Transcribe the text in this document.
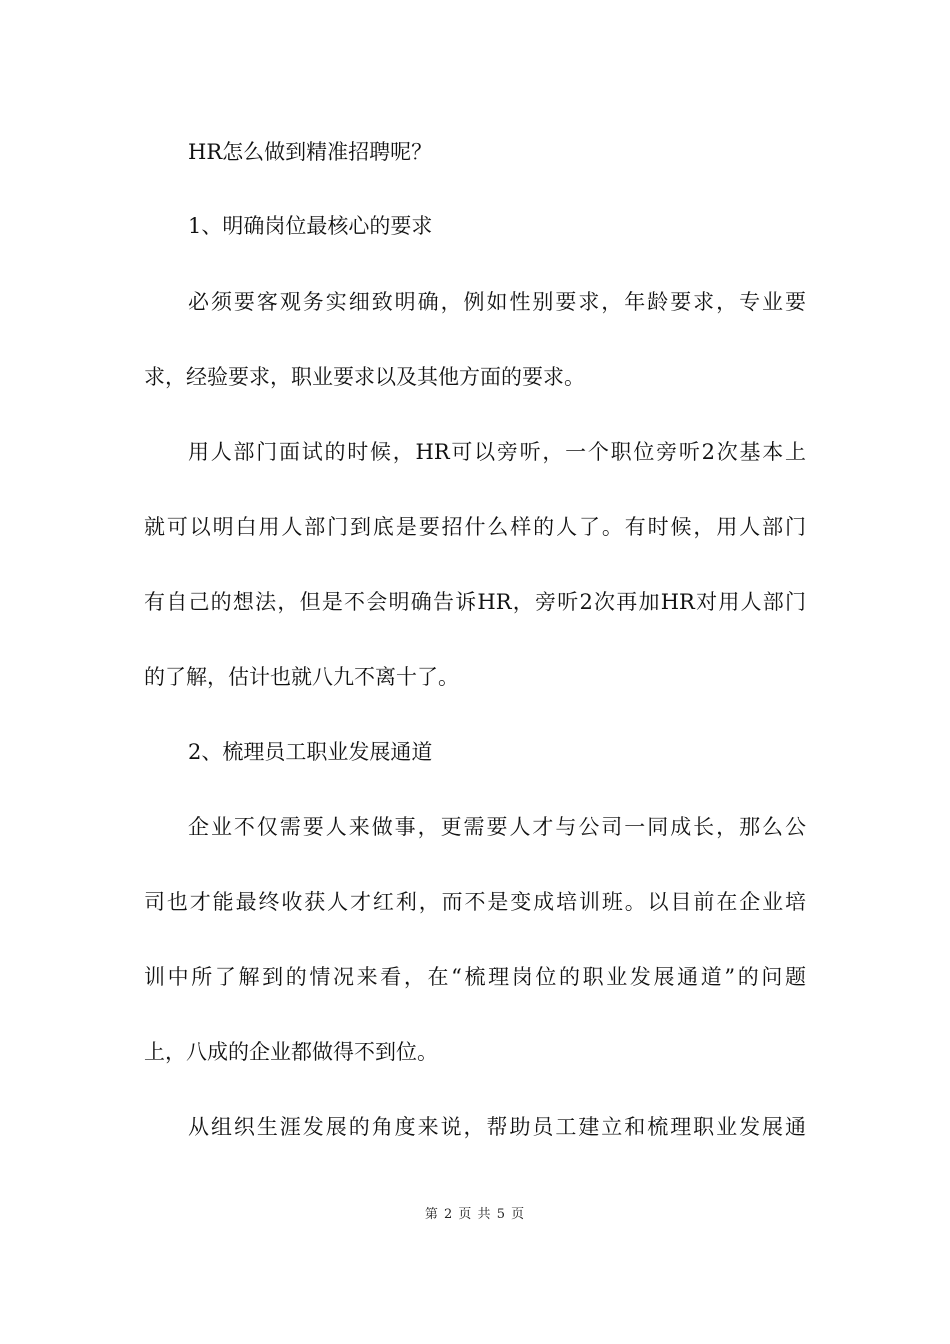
HR怎么做到精准招聘呢？

1、明确岗位最核心的要求

必须要客观务实细致明确，例如性别要求，年龄要求，专业要

求，经验要求，职业要求以及其他方面的要求。

用人部门面试的时候，HR可以旁听，一个职位旁听2次基本上

就可以明白用人部门到底是要招什么样的人了。有时候，用人部门

有自己的想法，但是不会明确告诉HR，旁听2次再加HR对用人部门

的了解，估计也就八九不离十了。

2、梳理员工职业发展通道

企业不仅需要人来做事，更需要人才与公司一同成长，那么公

司也才能最终收获人才红利，而不是变成培训班。以目前在企业培

训中所了解到的情况来看，在“梳理岗位的职业发展通道”的问题

上，八成的企业都做得不到位。

从组织生涯发展的角度来说，帮助员工建立和梳理职业发展通

第 2 页 共 5 页
